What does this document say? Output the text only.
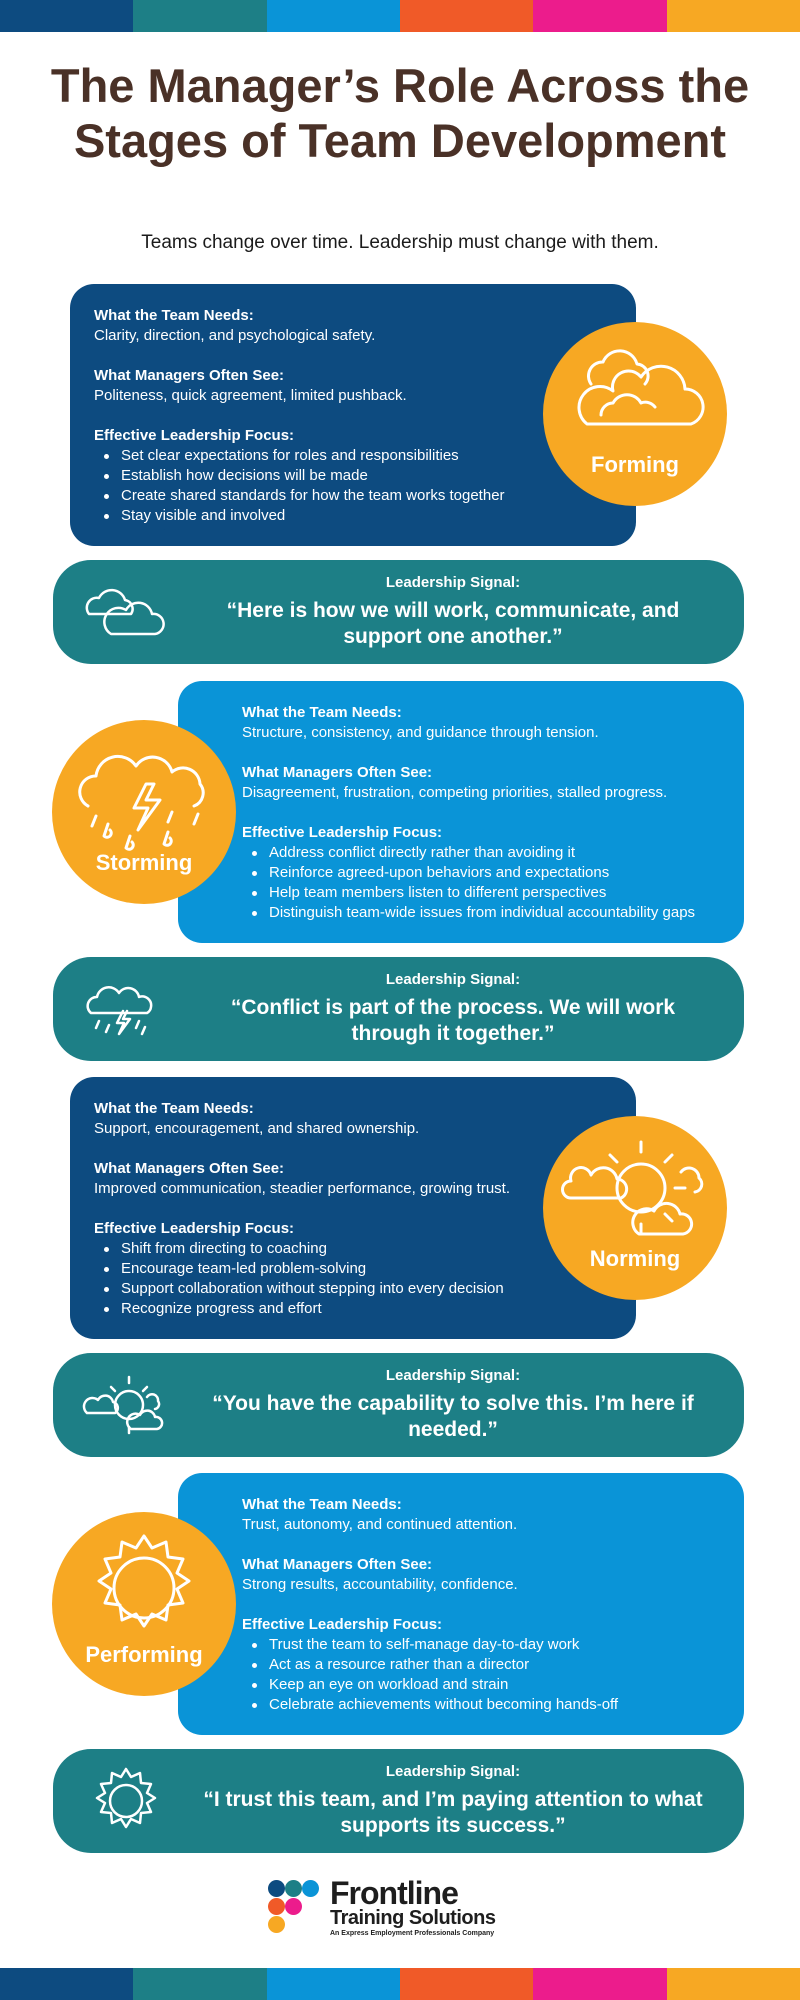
The Manager’s Role Across the Stages of Team Development

Teams change over time. Leadership must change with them.

What the Team Needs:
Clarity, direction, and psychological safety.
What Managers Often See:
Politeness, quick agreement, limited pushback.
Effective Leadership Focus:
Set clear expectations for roles and responsibilities
Establish how decisions will be made
Create shared standards for how the team works together
Stay visible and involved
Forming
Leadership Signal:
“Here is how we will work, communicate, and support one another.”
What the Team Needs:
Structure, consistency, and guidance through tension.
What Managers Often See:
Disagreement, frustration, competing priorities, stalled progress.
Effective Leadership Focus:
Address conflict directly rather than avoiding it
Reinforce agreed-upon behaviors and expectations
Help team members listen to different perspectives
Distinguish team-wide issues from individual accountability gaps
Storming
Leadership Signal:
“Conflict is part of the process. We will work through it together.”
What the Team Needs:
Support, encouragement, and shared ownership.
What Managers Often See:
Improved communication, steadier performance, growing trust.
Effective Leadership Focus:
Shift from directing to coaching
Encourage team-led problem-solving
Support collaboration without stepping into every decision
Recognize progress and effort
Norming
Leadership Signal:
“You have the capability to solve this. I’m here if needed.”
What the Team Needs:
Trust, autonomy, and continued attention.
What Managers Often See:
Strong results, accountability, confidence.
Effective Leadership Focus:
Trust the team to self-manage day-to-day work
Act as a resource rather than a director
Keep an eye on workload and strain
Celebrate achievements without becoming hands-off
Performing
Leadership Signal:
“I trust this team, and I’m paying attention to what supports its success.”
Frontline
Training Solutions
An Express Employment Professionals Company
